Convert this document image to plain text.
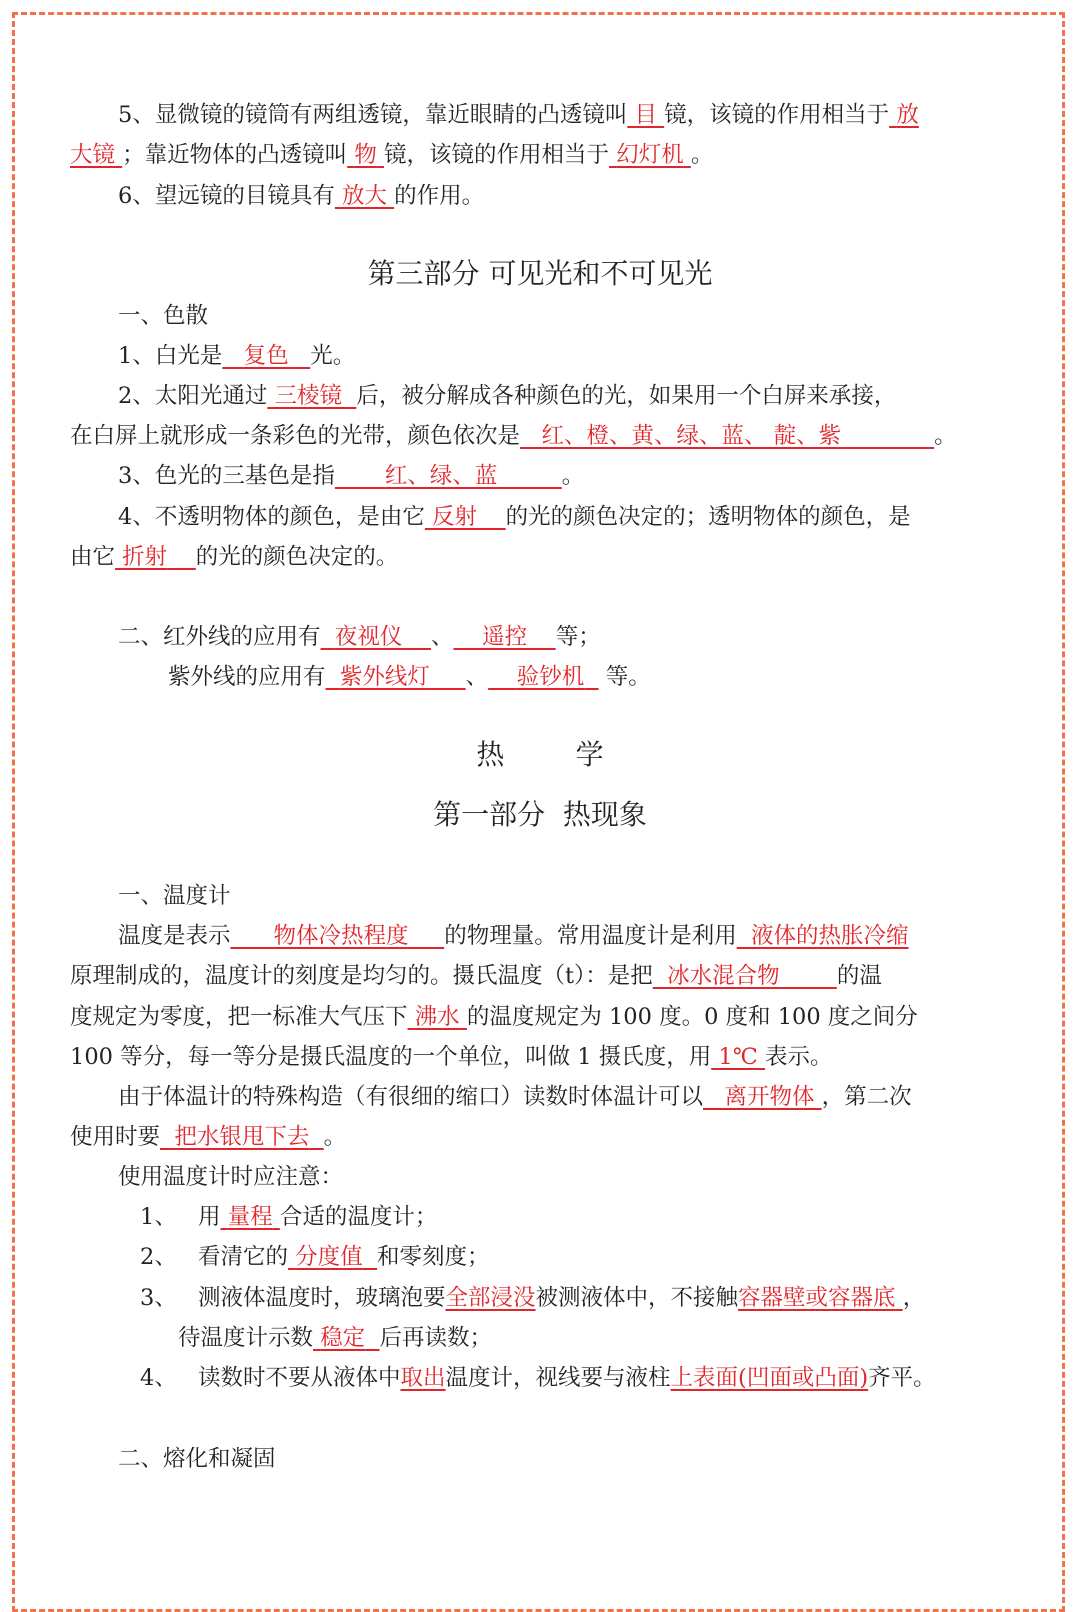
5、显微镜的镜筒有两组透镜，靠近眼睛的凸透镜叫 目 镜，该镜的作用相当于 放
大镜 ；靠近物体的凸透镜叫 物 镜，该镜的作用相当于 幻灯机 。
6、望远镜的目镜具有 放大 的作用。
第三部分 可见光和不可见光
一、色散
1、白光是 复色 光。
2、太阳光通过 三棱镜 后，被分解成各种颜色的光，如果用一个白屏来承接，
在白屏上就形成一条彩色的光带，颜色依次是 红、橙、黄、绿、蓝、 靛、紫	。
3、色光的三基色是指 红、绿、蓝	。
4、不透明物体的颜色，是由它 反射 的光的颜色决定的；透明物体的颜色，是
由它 折射 的光的颜色决定的。
二、红外线的应用有 夜视仪 、 遥控 等；
紫外线的应用有 紫外线灯 、 验钞机   等。
热        学
第一部分  热现象
一、温度计
温度是表示 物体冷热程度 的物理量。常用温度计是利用 液体的热胀冷缩
原理制成的，温度计的刻度是均匀的。摄氏温度（t）：是把 冰水混合物	的温
度规定为零度，把一标准大气压下 沸水 的温度规定为 100 度。0 度和 100 度之间分
100 等分，每一等分是摄氏温度的一个单位，叫做 1 摄氏度，用 1℃ 表示。
由于体温计的特殊构造（有很细的缩口）读数时体温计可以 离开物体 ，第二次
使用时要 把水银甩下去 。
使用温度计时应注意：
1、 用 量程 合适的温度计；
2、 看清它的 分度值 和零刻度；
3、 测液体温度时，玻璃泡要全部浸没被测液体中，不接触容器壁或容器底 ，
待温度计示数 稳定 后再读数；
4、 读数时不要从液体中取出温度计，视线要与液柱上表面(凹面或凸面)齐平。
二、熔化和凝固
